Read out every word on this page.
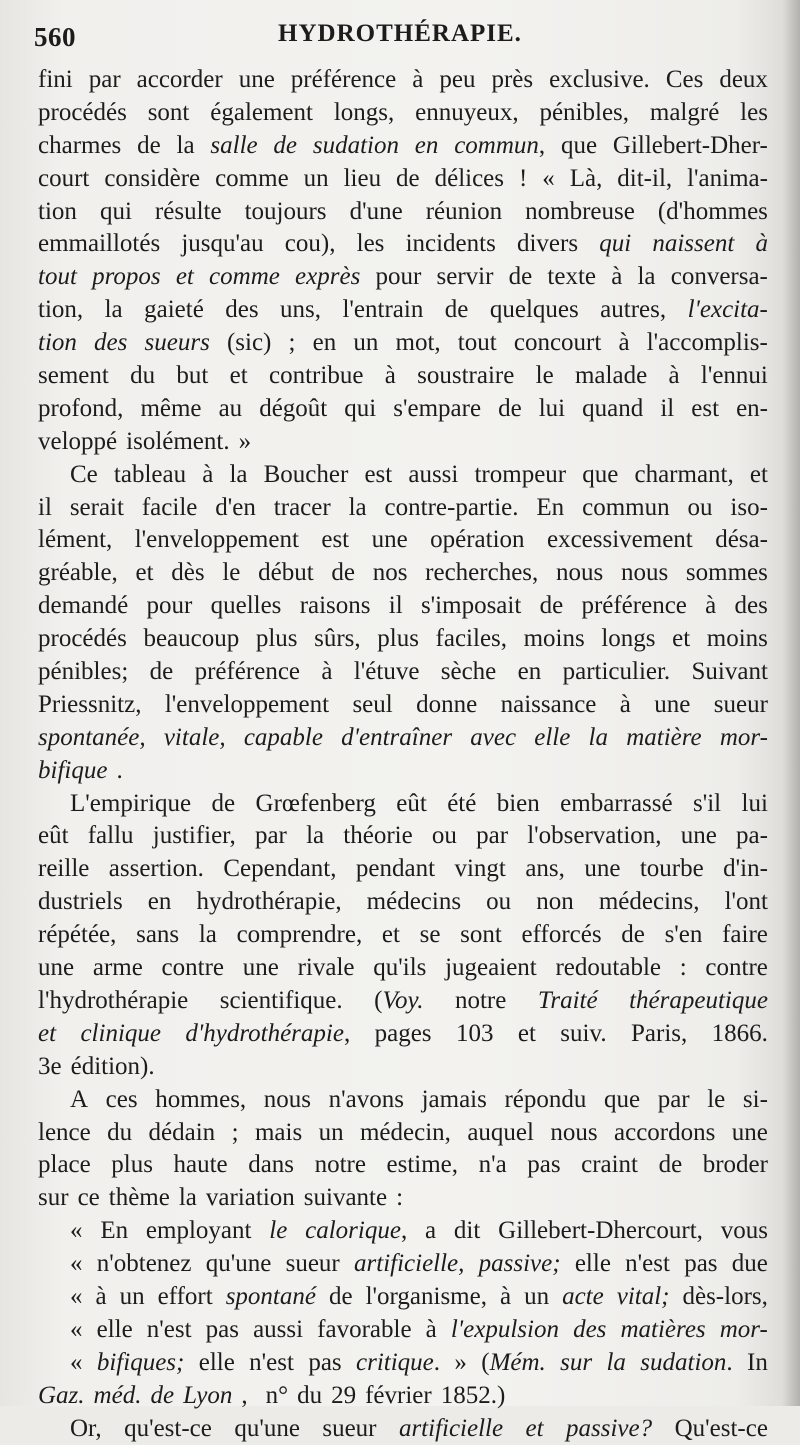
560	HYDROTHÉRAPIE.
fini par accorder une préférence à peu près exclusive. Ces deux
procédés sont également longs, ennuyeux, pénibles, malgré les
charmes de la salle de sudation en commun, que Gillebert-Dher-
court considère comme un lieu de délices ! « Là, dit-il, l'anima-
tion qui résulte toujours d'une réunion nombreuse (d'hommes
emmaillotés jusqu'au cou), les incidents divers qui naissent à
tout propos et comme exprès pour servir de texte à la conversa-
tion, la gaieté des uns, l'entrain de quelques autres, l'excita-
tion des sueurs (sic) ; en un mot, tout concourt à l'accomplis-
sement du but et contribue à soustraire le malade à l'ennui
profond, même au dégoût qui s'empare de lui quand il est en-
veloppé isolément. »
Ce tableau à la Boucher est aussi trompeur que charmant, et
il serait facile d'en tracer la contre-partie. En commun ou iso-
lément, l'enveloppement est une opération excessivement désa-
gréable, et dès le début de nos recherches, nous nous sommes
demandé pour quelles raisons il s'imposait de préférence à des
procédés beaucoup plus sûrs, plus faciles, moins longs et moins
pénibles; de préférence à l'étuve sèche en particulier. Suivant
Priessnitz, l'enveloppement seul donne naissance à une sueur
spontanée, vitale, capable d'entraîner avec elle la matière mor-
bifique .
L'empirique de Grœfenberg eût été bien embarrassé s'il lui
eût fallu justifier, par la théorie ou par l'observation, une pa-
reille assertion. Cependant, pendant vingt ans, une tourbe d'in-
dustriels en hydrothérapie, médecins ou non médecins, l'ont
répétée, sans la comprendre, et se sont efforcés de s'en faire
une arme contre une rivale qu'ils jugeaient redoutable : contre
l'hydrothérapie scientifique. (Voy. notre Traité thérapeutique
et clinique d'hydrothérapie, pages 103 et suiv. Paris, 1866.
3e édition).
A ces hommes, nous n'avons jamais répondu que par le si-
lence du dédain ; mais un médecin, auquel nous accordons une
place plus haute dans notre estime, n'a pas craint de broder
sur ce thème la variation suivante :
« En employant le calorique, a dit Gillebert-Dhercourt, vous
« n'obtenez qu'une sueur artificielle, passive; elle n'est pas due
« à un effort spontané de l'organisme, à un acte vital; dès-lors,
« elle n'est pas aussi favorable à l'expulsion des matières mor-
« bifiques; elle n'est pas critique. » (Mém. sur la sudation. In
Gaz. méd. de Lyon , n° du 29 février 1852.)
Or, qu'est-ce qu'une sueur artificielle et passive? Qu'est-ce
